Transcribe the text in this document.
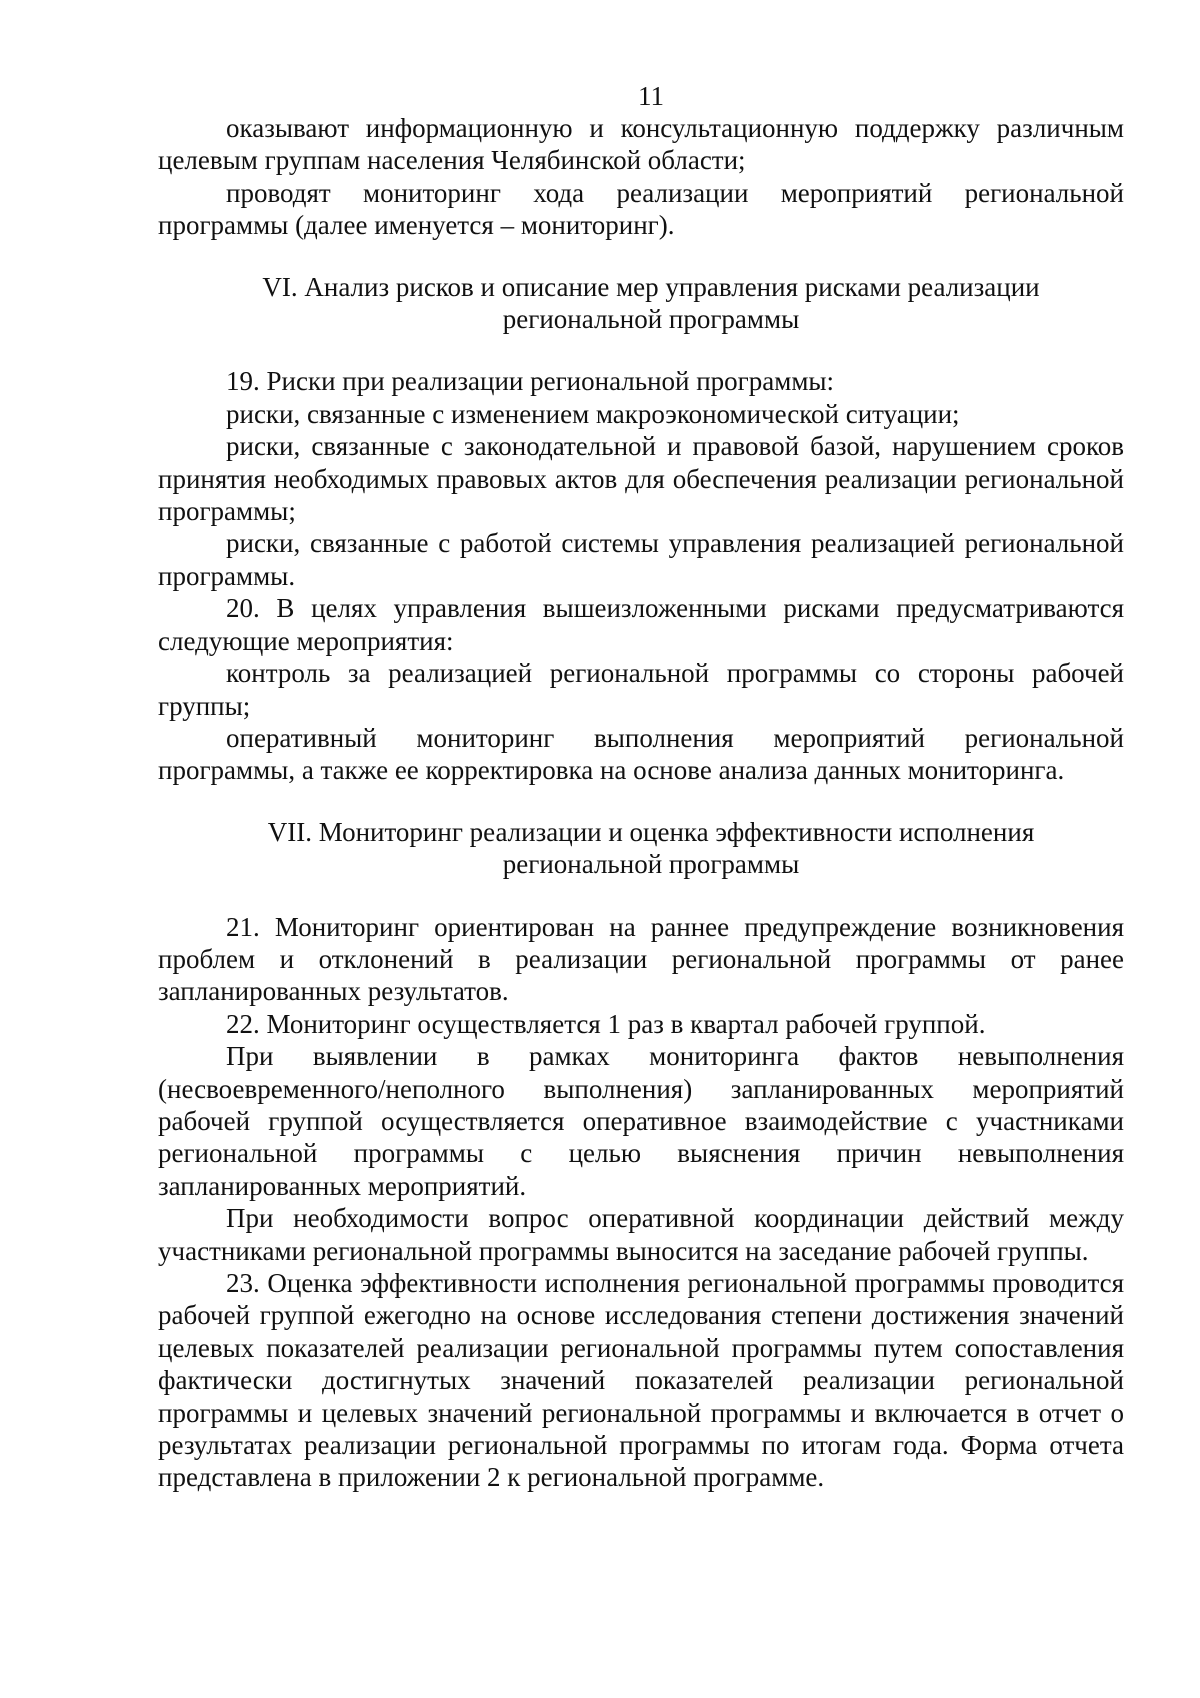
11

оказывают информационную и консультационную поддержку различным целевым группам населения Челябинской области;

проводят мониторинг хода реализации мероприятий региональной программы (далее именуется – мониторинг).

VI. Анализ рисков и описание мер управления рисками реализации
региональной программы

19. Риски при реализации региональной программы:

риски, связанные с изменением макроэкономической ситуации;

риски, связанные с законодательной и правовой базой, нарушением сроков принятия необходимых правовых актов для обеспечения реализации региональной программы;

риски, связанные с работой системы управления реализацией региональной программы.

20. В целях управления вышеизложенными рисками предусматриваются следующие мероприятия:

контроль за реализацией региональной программы со стороны рабочей группы;

оперативный мониторинг выполнения мероприятий региональной программы, а также ее корректировка на основе анализа данных мониторинга.

VII. Мониторинг реализации и оценка эффективности исполнения
региональной программы

21. Мониторинг ориентирован на раннее предупреждение возникновения проблем и отклонений в реализации региональной программы от ранее запланированных результатов.

22. Мониторинг осуществляется 1 раз в квартал рабочей группой.

При выявлении в рамках мониторинга фактов невыполнения (несвоевременного/неполного выполнения) запланированных мероприятий рабочей группой осуществляется оперативное взаимодействие с участниками региональной программы с целью выяснения причин невыполнения запланированных мероприятий.

При необходимости вопрос оперативной координации действий между участниками региональной программы выносится на заседание рабочей группы.

23. Оценка эффективности исполнения региональной программы проводится рабочей группой ежегодно на основе исследования степени достижения значений целевых показателей реализации региональной программы путем сопоставления фактически достигнутых значений показателей реализации региональной программы и целевых значений региональной программы и включается в отчет о результатах реализации региональной программы по итогам года. Форма отчета представлена в приложении 2 к региональной программе.
